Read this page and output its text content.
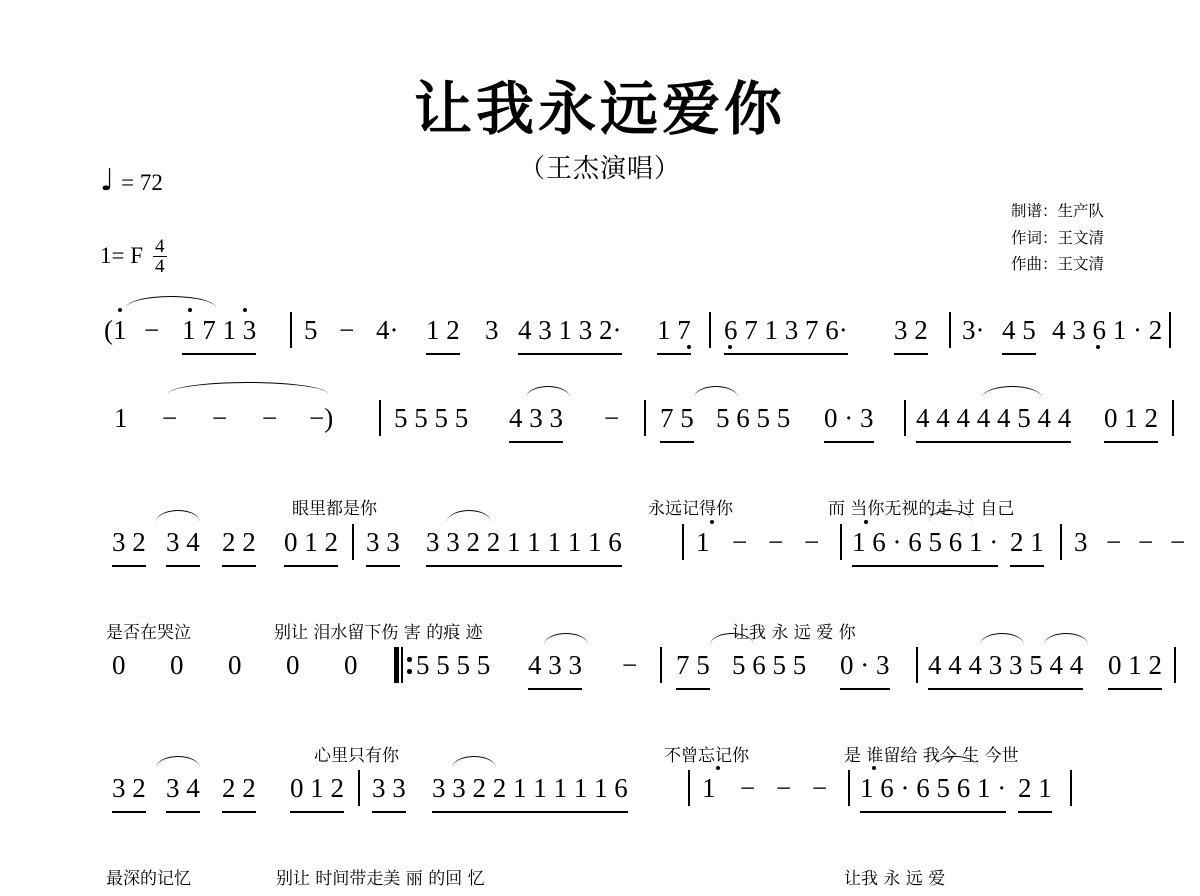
让我永远爱你
（王杰演唱）
♩ = 72
1= F $\frac{4}{4}$
制谱：生产队
作词：王文清
作曲：王文清
(1 − 1 7 1 3 5 − 4· 1 2 3 4 3 1 3 2· 1 7 6 7 1 3 7 6· 3 2 3· 4 5 4 3 6 1 · 2
1 − − − −) 5 5 5 5 4 3 3 − 7 5 5 6 5 5 0 · 3 4 4 4 4 4 5 4 4 0 1 2
眼里都是你	永远记得你	而 当你无视的走 过 自己
3 2 3 4 2 2 0 1 2 3 3 3 3 2 2 1 1 1 1 1 6	1 − − − 1 6 · 6 5 6 1 · 2 1 3 − − −
是否在哭泣	别让 泪水留下伤 害 的痕 迹	让我 永 远 爱 你
0 0 0 0 0 5 5 5 5 4 3 3 − 7 5 5 6 5 5 0 · 3 4 4 4 3 3 5 4 4 0 1 2
心里只有你	不曾忘记你	是 谁留给 我今 生 今世
3 2 3 4 2 2 0 1 2 3 3 3 3 2 2 1 1 1 1 1 6	1 − − − 1 6 · 6 5 6 1 · 2 1
最深的记忆	别让 时间带走美 丽 的回 忆	让我 永 远 爱
